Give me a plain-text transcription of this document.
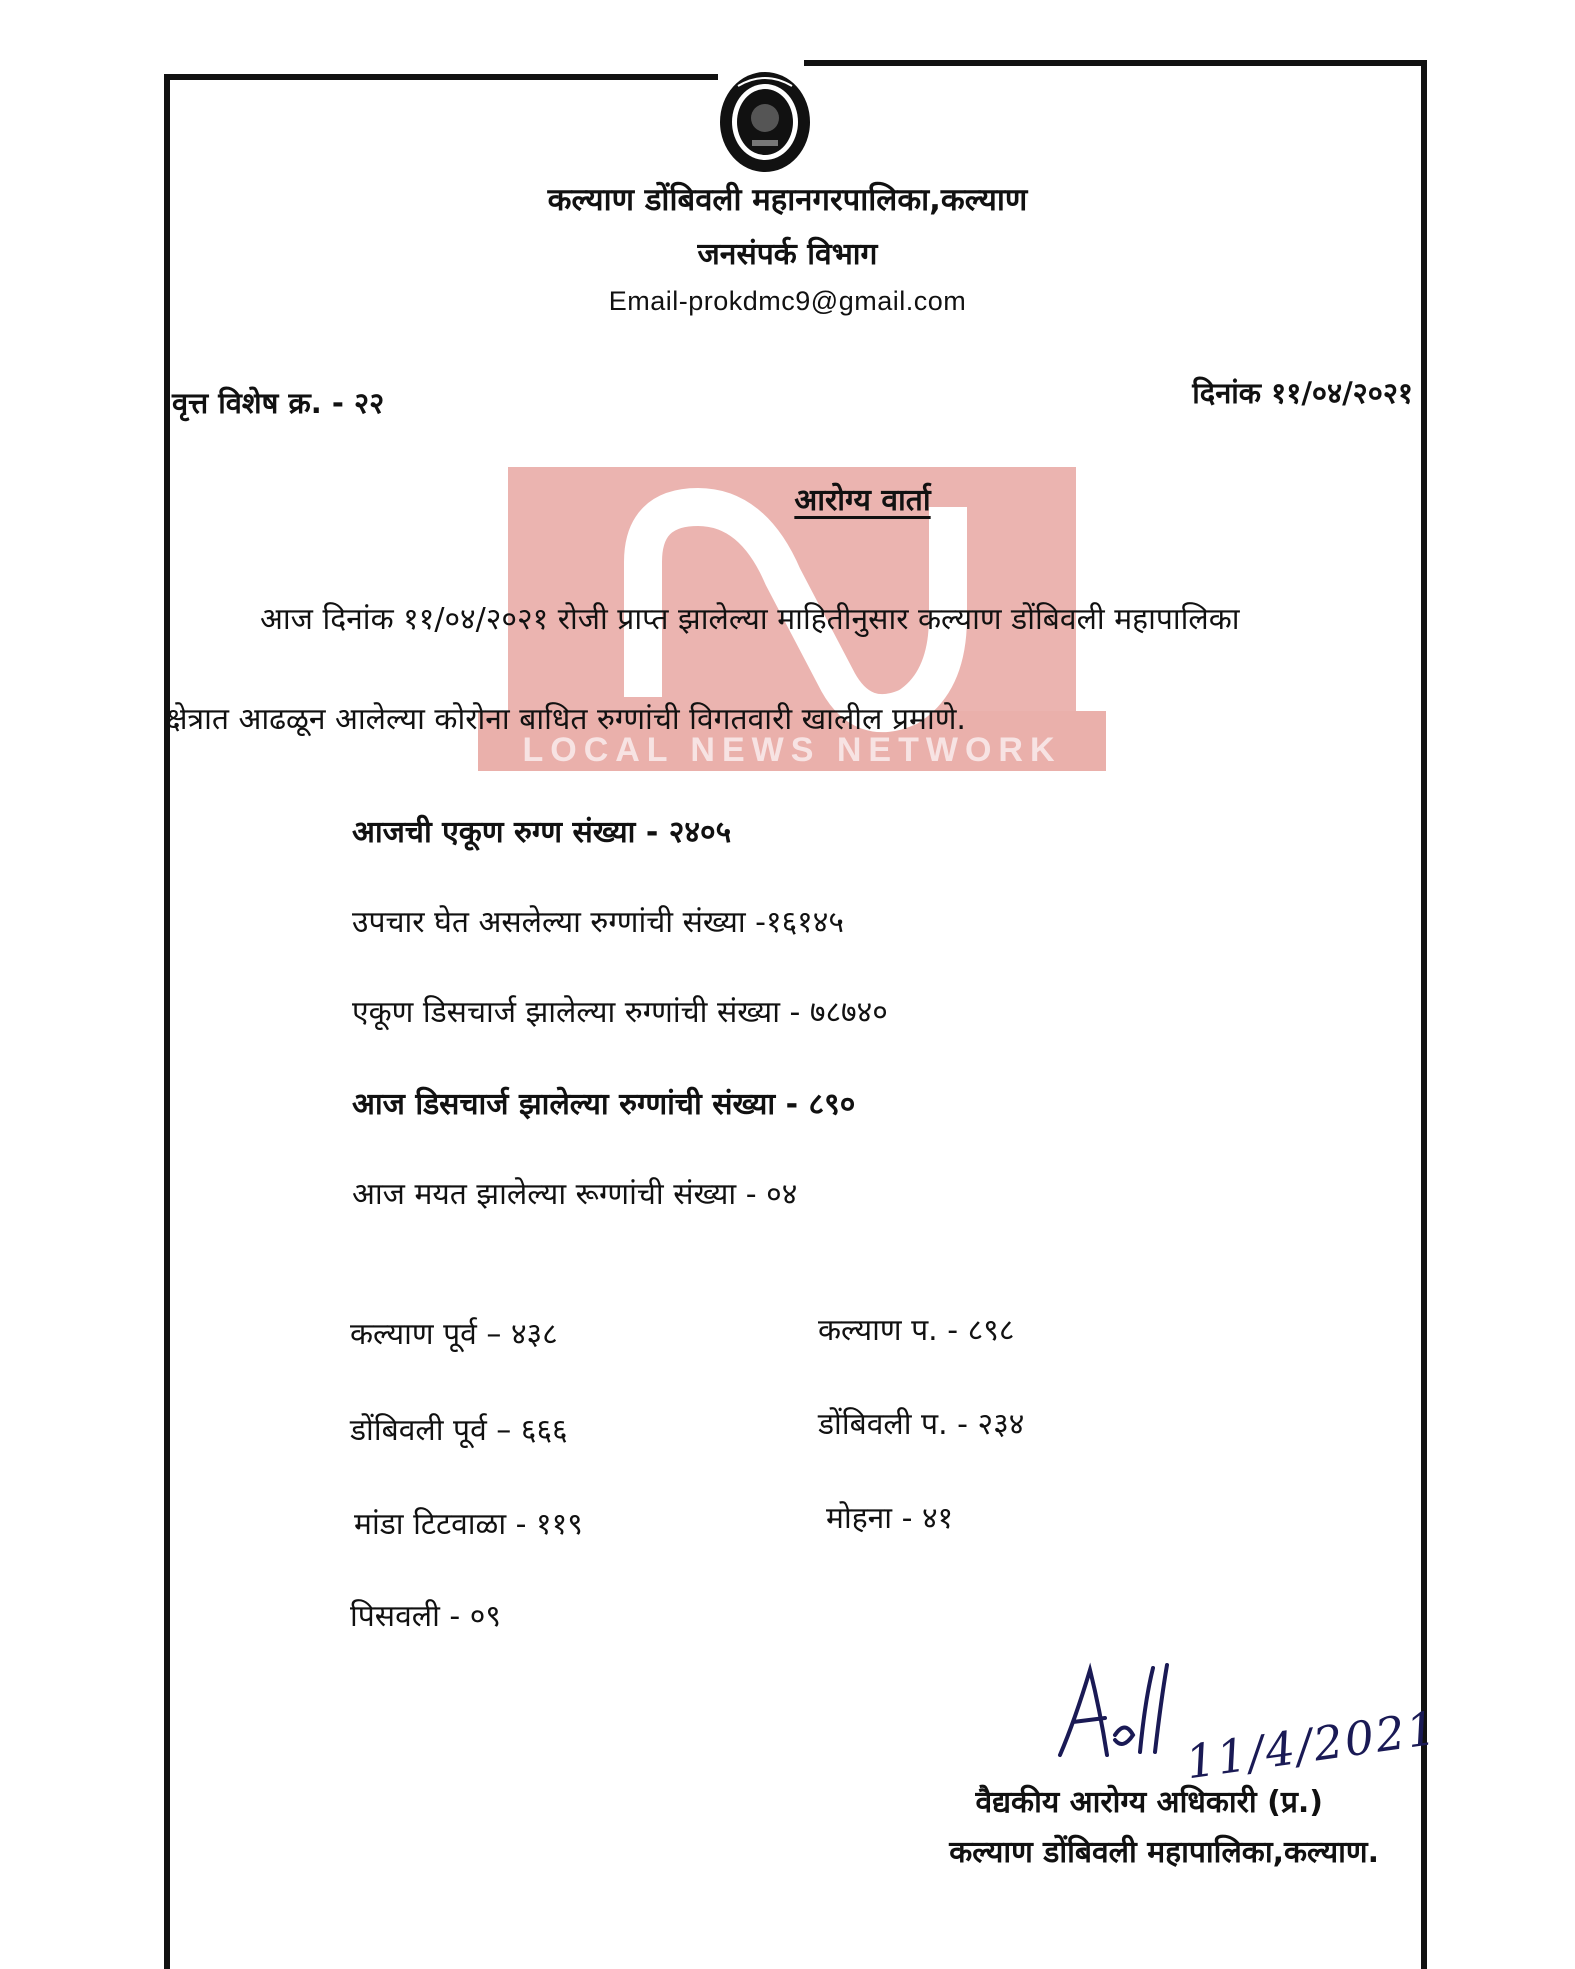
कल्याण डोंबिवली महानगरपालिका,कल्याण
जनसंपर्क विभाग
Email-prokdmc9@gmail.com
वृत्त विशेष क्र. - २२	दिनांक ११/०४/२०२१
LOCAL NEWS NETWORK
आरोग्य वार्ता
आज दिनांक ११/०४/२०२१ रोजी प्राप्त झालेल्या माहितीनुसार कल्याण डोंबिवली महापालिका
क्षेत्रात आढळून आलेल्या कोरोना बाधित रुग्णांची विगतवारी खालील प्रमाणे.
आजची एकूण रुग्ण संख्या - २४०५
उपचार घेत असलेल्या रुग्णांची संख्या -१६१४५
एकूण डिसचार्ज झालेल्या रुग्णांची संख्या - ७८७४०
आज डिसचार्ज झालेल्या रुग्णांची संख्या - ८९०
आज मयत झालेल्या रूग्णांची संख्या - ०४
कल्याण पूर्व – ४३८	कल्याण प. - ८९८
डोंबिवली पूर्व – ६६६	डोंबिवली प. - २३४
मांडा टिटवाळा - ११९	मोहना - ४१
पिसवली - ०९
11/4/2021
वैद्यकीय आरोग्य अधिकारी (प्र.)
कल्याण डोंबिवली महापालिका,कल्याण.
